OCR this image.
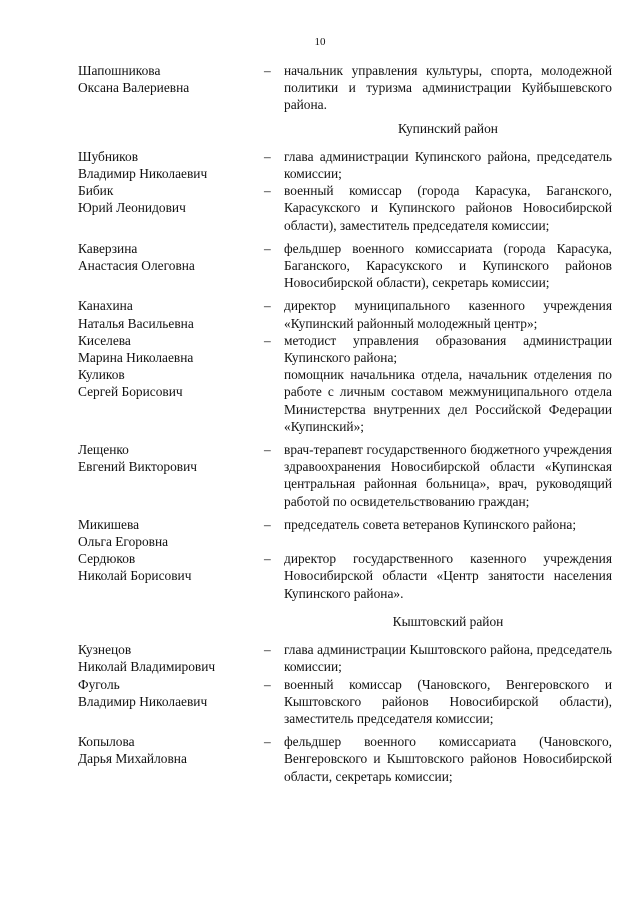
10
Шапошникова
Оксана Валериевна
– начальник управления культуры, спорта, молодежной политики и туризма администрации Куйбышевского района.
Купинский район
Шубников
Владимир Николаевич
– глава администрации Купинского района, председатель комиссии;
Бибик
Юрий Леонидович
– военный комиссар (города Карасука, Баганского, Карасукского и Купинского районов Новосибирской области), заместитель председателя комиссии;
Каверзина
Анастасия Олеговна
– фельдшер военного комиссариата (города Карасука, Баганского, Карасукского и Купинского районов Новосибирской области), секретарь комиссии;
Канахина
Наталья Васильевна
– директор муниципального казенного учреждения «Купинский районный молодежный центр»;
Киселева
Марина Николаевна
– методист управления образования администрации Купинского района;
Куликов
Сергей Борисович
помощник начальника отдела, начальник отделения по работе с личным составом межмуниципального отдела Министерства внутренних дел Российской Федерации «Купинский»;
Лещенко
Евгений Викторович
– врач-терапевт государственного бюджетного учреждения здравоохранения Новосибирской области «Купинская центральная районная больница», врач, руководящий работой по освидетельствованию граждан;
Микишева
Ольга Егоровна
– председатель совета ветеранов Купинского района;
Сердюков
Николай Борисович
– директор государственного казенного учреждения Новосибирской области «Центр занятости населения Купинского района».
Кыштовский район
Кузнецов
Николай Владимирович
– глава администрации Кыштовского района, председатель комиссии;
Фуголь
Владимир Николаевич
– военный комиссар (Чановского, Венгеровского и Кыштовского районов Новосибирской области), заместитель председателя комиссии;
Копылова
Дарья Михайловна
– фельдшер военного комиссариата (Чановского, Венгеровского и Кыштовского районов Новосибирской области, секретарь комиссии;
